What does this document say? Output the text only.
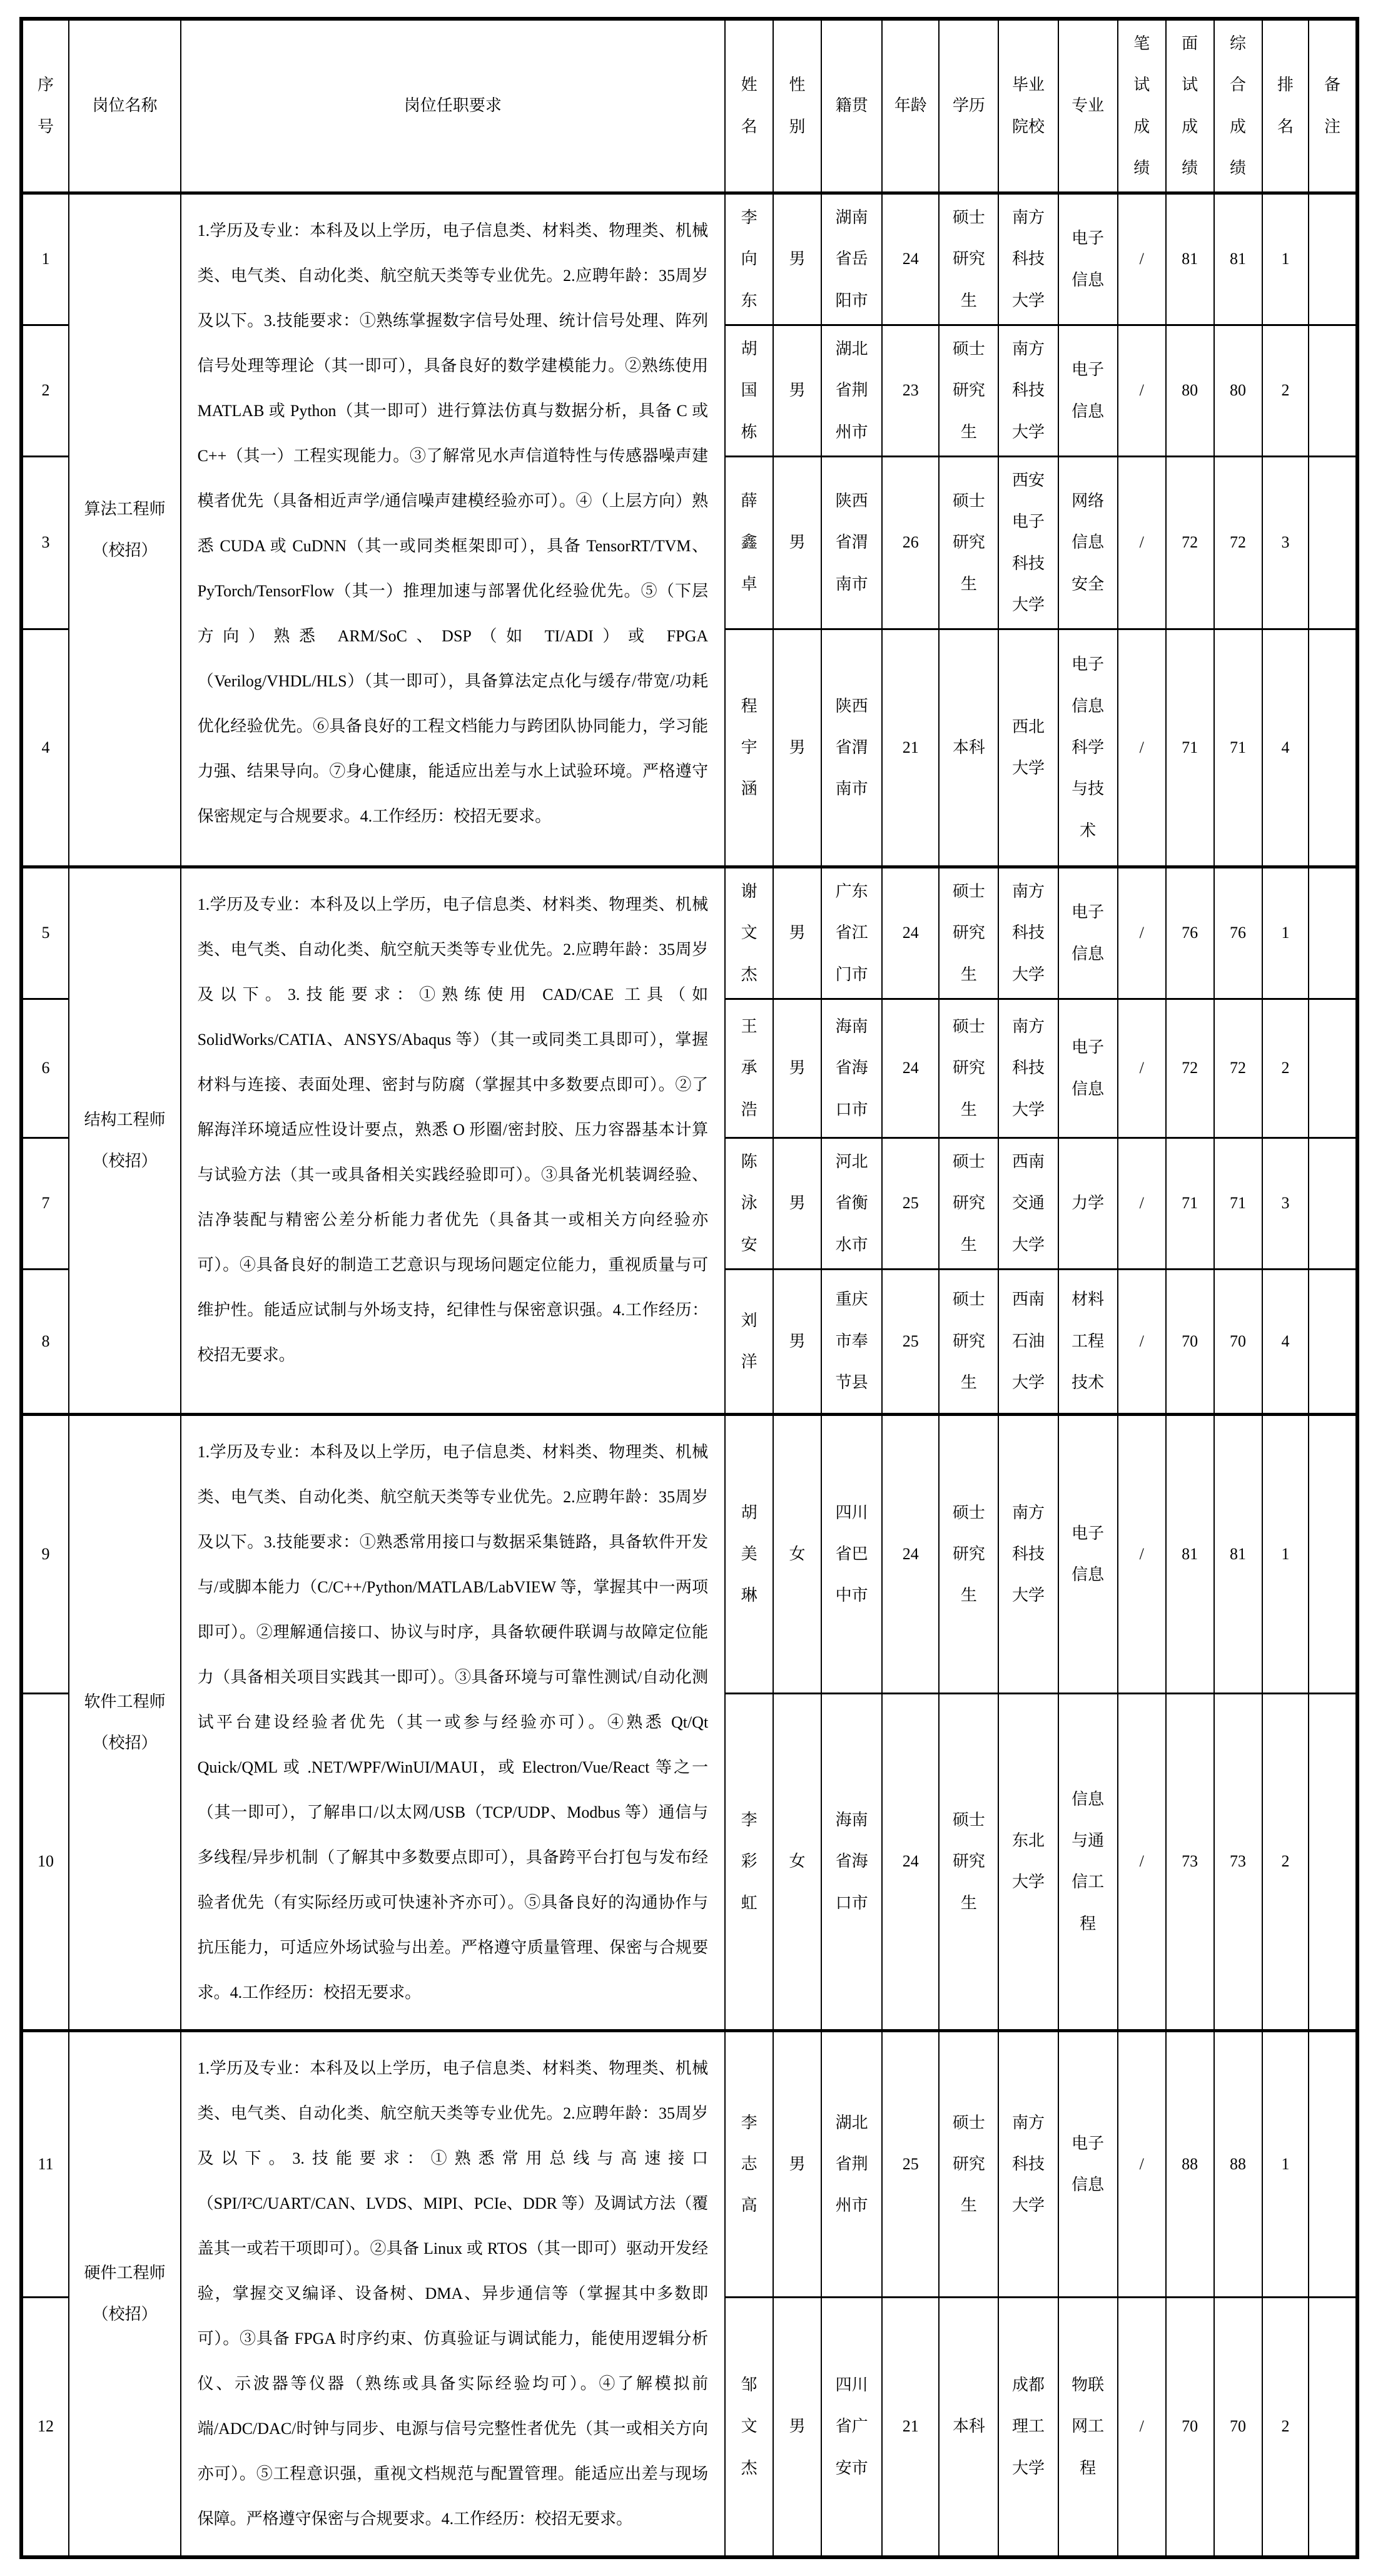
序号	岗位名称	岗位任职要求	姓名	性别	籍贯	年龄	学历	毕业院校	专业	笔试成绩	面试成绩	综合成绩	排名	备注
1	算法工程师（校招）	1.学历及专业：本科及以上学历，电子信息类、材料类、物理类、机械类、电气类、自动化类、航空航天类等专业优先。2.应聘年龄：35周岁及以下。3.技能要求：①熟练掌握数字信号处理、统计信号处理、阵列信号处理等理论（其一即可），具备良好的数学建模能力。②熟练使用 MATLAB 或 Python（其一即可）进行算法仿真与数据分析，具备 C 或 C++（其一）工程实现能力。③了解常见水声信道特性与传感器噪声建模者优先（具备相近声学/通信噪声建模经验亦可）。④（上层方向）熟悉 CUDA 或 CuDNN（其一或同类框架即可），具备 TensorRT/TVM、PyTorch/TensorFlow（其一）推理加速与部署优化经验优先。⑤（下层方向）熟悉 ARM/SoC、DSP（如 TI/ADI）或 FPGA（Verilog/VHDL/HLS）（其一即可），具备算法定点化与缓存/带宽/功耗优化经验优先。⑥具备良好的工程文档能力与跨团队协同能力，学习能力强、结果导向。⑦身心健康，能适应出差与水上试验环境。严格遵守保密规定与合规要求。4.工作经历：校招无要求。	李向东	男	湖南省岳阳市	24	硕士研究生	南方科技大学	电子信息	/	81	81	1	
2			胡国栋	男	湖北省荆州市	23	硕士研究生	南方科技大学	电子信息	/	80	80	2	
3			薛鑫卓	男	陕西省渭南市	26	硕士研究生	西安电子科技大学	网络信息安全	/	72	72	3	
4			程宇涵	男	陕西省渭南市	21	本科	西北大学	电子信息科学与技术	/	71	71	4	
5	结构工程师（校招）	1.学历及专业：本科及以上学历，电子信息类、材料类、物理类、机械类、电气类、自动化类、航空航天类等专业优先。2.应聘年龄：35周岁及以下。3.技能要求：①熟练使用 CAD/CAE 工具（如 SolidWorks/CATIA、ANSYS/Abaqus 等）（其一或同类工具即可），掌握材料与连接、表面处理、密封与防腐（掌握其中多数要点即可）。②了解海洋环境适应性设计要点，熟悉 O 形圈/密封胶、压力容器基本计算与试验方法（其一或具备相关实践经验即可）。③具备光机装调经验、洁净装配与精密公差分析能力者优先（具备其一或相关方向经验亦可）。④具备良好的制造工艺意识与现场问题定位能力，重视质量与可维护性。能适应试制与外场支持，纪律性与保密意识强。4.工作经历：校招无要求。	谢文杰	男	广东省江门市	24	硕士研究生	南方科技大学	电子信息	/	76	76	1	
6			王承浩	男	海南省海口市	24	硕士研究生	南方科技大学	电子信息	/	72	72	2	
7			陈泳安	男	河北省衡水市	25	硕士研究生	西南交通大学	力学	/	71	71	3	
8			刘洋	男	重庆市奉节县	25	硕士研究生	西南石油大学	材料工程技术	/	70	70	4	
9	软件工程师（校招）	1.学历及专业：本科及以上学历，电子信息类、材料类、物理类、机械类、电气类、自动化类、航空航天类等专业优先。2.应聘年龄：35周岁及以下。3.技能要求：①熟悉常用接口与数据采集链路，具备软件开发与/或脚本能力（C/C++/Python/MATLAB/LabVIEW 等，掌握其中一两项即可）。②理解通信接口、协议与时序，具备软硬件联调与故障定位能力（具备相关项目实践其一即可）。③具备环境与可靠性测试/自动化测试平台建设经验者优先（其一或参与经验亦可）。④熟悉 Qt/Qt Quick/QML 或 .NET/WPF/WinUI/MAUI，或 Electron/Vue/React 等之一（其一即可），了解串口/以太网/USB（TCP/UDP、Modbus 等）通信与多线程/异步机制（了解其中多数要点即可），具备跨平台打包与发布经验者优先（有实际经历或可快速补齐亦可）。⑤具备良好的沟通协作与抗压能力，可适应外场试验与出差。严格遵守质量管理、保密与合规要求。4.工作经历：校招无要求。	胡美琳	女	四川省巴中市	24	硕士研究生	南方科技大学	电子信息	/	81	81	1	
10			李彩虹	女	海南省海口市	24	硕士研究生	东北大学	信息与通信工程	/	73	73	2	
11	硬件工程师（校招）	1.学历及专业：本科及以上学历，电子信息类、材料类、物理类、机械类、电气类、自动化类、航空航天类等专业优先。2.应聘年龄：35周岁及以下。3.技能要求：①熟悉常用总线与高速接口（SPI/I²C/UART/CAN、LVDS、MIPI、PCIe、DDR 等）及调试方法（覆盖其一或若干项即可）。②具备 Linux 或 RTOS（其一即可）驱动开发经验，掌握交叉编译、设备树、DMA、异步通信等（掌握其中多数即可）。③具备 FPGA 时序约束、仿真验证与调试能力，能使用逻辑分析仪、示波器等仪器（熟练或具备实际经验均可）。④了解模拟前端/ADC/DAC/时钟与同步、电源与信号完整性者优先（其一或相关方向亦可）。⑤工程意识强，重视文档规范与配置管理。能适应出差与现场保障。严格遵守保密与合规要求。4.工作经历：校招无要求。	李志高	男	湖北省荆州市	25	硕士研究生	南方科技大学	电子信息	/	88	88	1	
12			邹文杰	男	四川省广安市	21	本科	成都理工大学	物联网工程	/	70	70	2	
